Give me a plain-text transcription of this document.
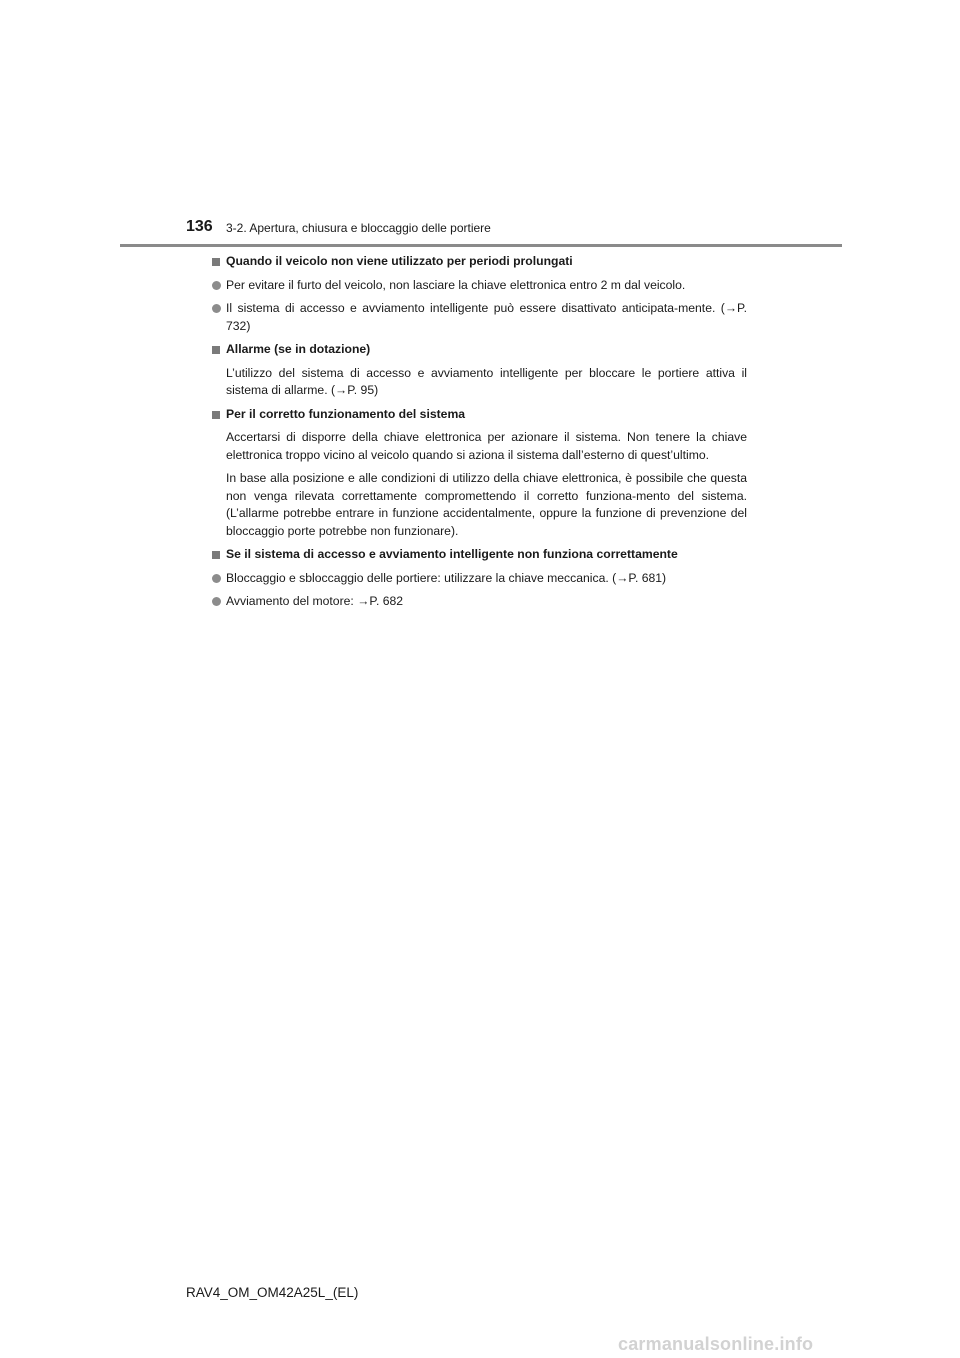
136 3-2. Apertura, chiusura e bloccaggio delle portiere
Quando il veicolo non viene utilizzato per periodi prolungati
Per evitare il furto del veicolo, non lasciare la chiave elettronica entro 2 m dal veicolo.
Il sistema di accesso e avviamento intelligente può essere disattivato anticipata-mente. (→P. 732)
Allarme (se in dotazione)
L’utilizzo del sistema di accesso e avviamento intelligente per bloccare le portiere attiva il sistema di allarme. (→P. 95)
Per il corretto funzionamento del sistema
Accertarsi di disporre della chiave elettronica per azionare il sistema. Non tenere la chiave elettronica troppo vicino al veicolo quando si aziona il sistema dall’esterno di quest’ultimo.
In base alla posizione e alle condizioni di utilizzo della chiave elettronica, è possibile che questa non venga rilevata correttamente compromettendo il corretto funziona-mento del sistema. (L’allarme potrebbe entrare in funzione accidentalmente, oppure la funzione di prevenzione del bloccaggio porte potrebbe non funzionare).
Se il sistema di accesso e avviamento intelligente non funziona correttamente
Bloccaggio e sbloccaggio delle portiere: utilizzare la chiave meccanica. (→P. 681)
Avviamento del motore: →P. 682
RAV4_OM_OM42A25L_(EL)
carmanualsonline.info
